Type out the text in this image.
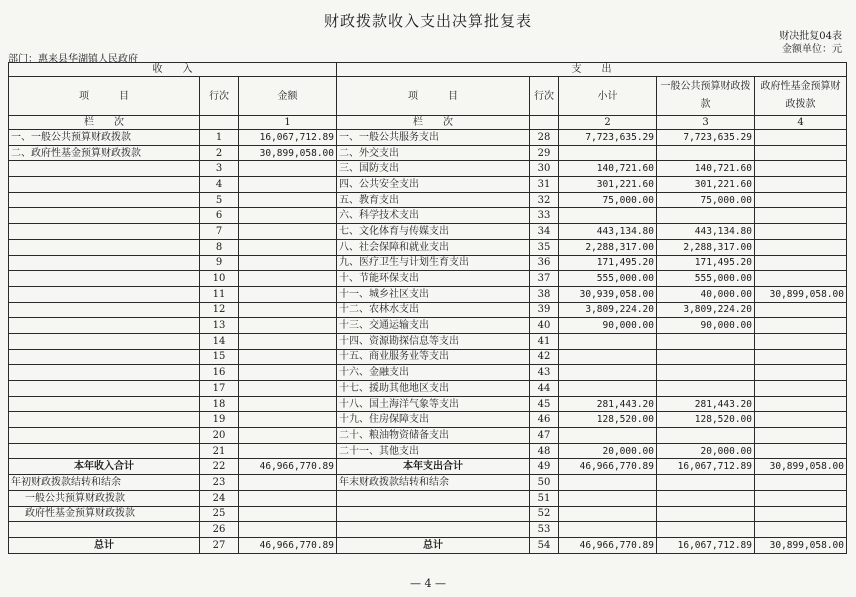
财政拨款收入支出决算批复表
财决批复04表
金额单位：元
部门：惠来县华湖镇人民政府
收　　入			支　　出				
项　　　目	行次	金额	项　　　目	行次	小计	一般公共预算财政拨款	政府性基金预算财政拨款
栏　　次		1	栏　　次		2	3	4
一、一般公共预算财政拨款	1	16,067,712.89	一、一般公共服务支出	28	7,723,635.29	7,723,635.29	
二、政府性基金预算财政拨款	2	30,899,058.00	二、外交支出	29			
	3		三、国防支出	30	140,721.60	140,721.60	
	4		四、公共安全支出	31	301,221.60	301,221.60	
	5		五、教育支出	32	75,000.00	75,000.00	
	6		六、科学技术支出	33			
	7		七、文化体育与传媒支出	34	443,134.80	443,134.80	
	8		八、社会保障和就业支出	35	2,288,317.00	2,288,317.00	
	9		九、医疗卫生与计划生育支出	36	171,495.20	171,495.20	
	10		十、节能环保支出	37	555,000.00	555,000.00	
	11		十一、城乡社区支出	38	30,939,058.00	40,000.00	30,899,058.00
	12		十二、农林水支出	39	3,809,224.20	3,809,224.20	
	13		十三、交通运输支出	40	90,000.00	90,000.00	
	14		十四、资源勘探信息等支出	41			
	15		十五、商业服务业等支出	42			
	16		十六、金融支出	43			
	17		十七、援助其他地区支出	44			
	18		十八、国土海洋气象等支出	45	281,443.20	281,443.20	
	19		十九、住房保障支出	46	128,520.00	128,520.00	
	20		二十、粮油物资储备支出	47			
	21		二十一、其他支出	48	20,000.00	20,000.00	
本年收入合计	22	46,966,770.89	本年支出合计	49	46,966,770.89	16,067,712.89	30,899,058.00
年初财政拨款结转和结余	23		年末财政拨款结转和结余	50			
一般公共预算财政拨款	24			51			
政府性基金预算财政拨款	25			52			
	26			53			
总计	27	46,966,770.89	总计	54	46,966,770.89	16,067,712.89	30,899,058.00
— 4 —
